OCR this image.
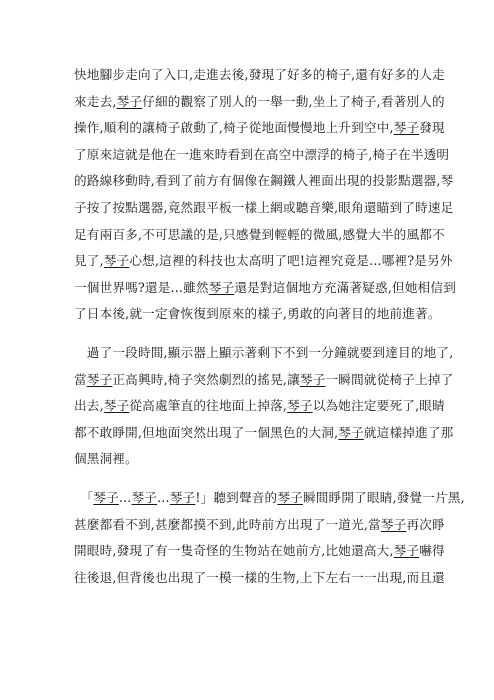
快地腳步走向了入口,走進去後,發現了好多的椅子,還有好多的人走
來走去,琴子仔細的觀察了別人的一舉一動,坐上了椅子,看著別人的
操作,順利的讓椅子啟動了,椅子從地面慢慢地上升到空中,琴子發現
了原來這就是他在一進來時看到在高空中漂浮的椅子,椅子在半透明
的路線移動時,看到了前方有個像在鋼鐵人裡面出現的投影點選器,琴
子按了按點選器,竟然跟平板一樣上網或聽音樂,眼角還瞄到了時速足
足有兩百多,不可思議的是,只感覺到輕輕的微風,感覺大半的風都不
見了,琴子心想,這裡的科技也太高明了吧!這裡究竟是...哪裡?是另外
一個世界嗎?還是...雖然琴子還是對這個地方充滿著疑惑,但她相信到
了日本後,就一定會恢復到原來的樣子,勇敢的向著目的地前進著。
　過了一段時間,顯示器上顯示著剩下不到一分鐘就要到達目的地了,
當琴子正高興時,椅子突然劇烈的搖晃,讓琴子一瞬間就從椅子上掉了
出去,琴子從高處筆直的往地面上掉落,琴子以為她注定要死了,眼睛
都不敢睜開,但地面突然出現了一個黑色的大洞,琴子就這樣掉進了那
個黑洞裡。
　「琴子...琴子...琴子!」聽到聲音的琴子瞬間睜開了眼睛,發覺一片黑,
甚麼都看不到,甚麼都摸不到,此時前方出現了一道光,當琴子再次睜
開眼時,發現了有一隻奇怪的生物站在她前方,比她還高大,琴子嚇得
往後退,但背後也出現了一模一樣的生物,上下左右一一出現,而且還
